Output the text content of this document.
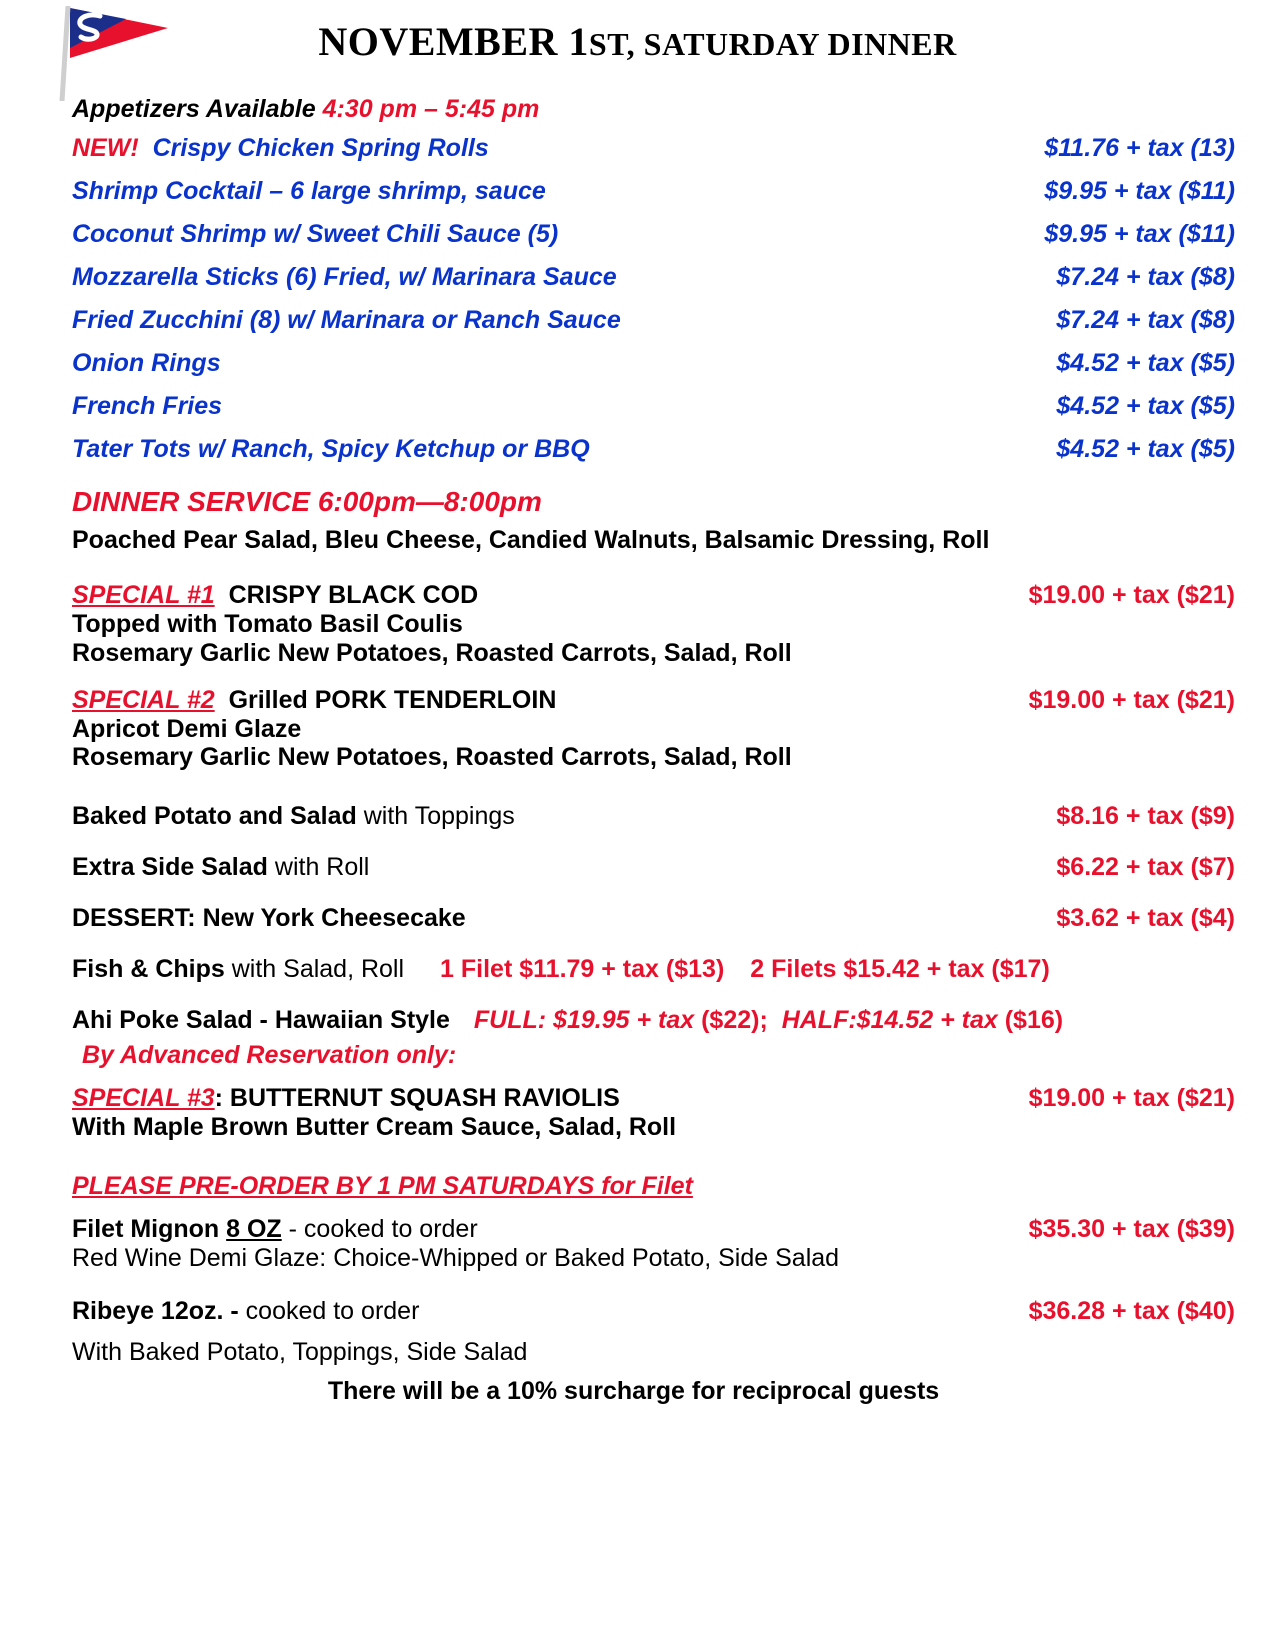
NOVEMBER 1ST, SATURDAY DINNER
Appetizers Available 4:30 pm – 5:45 pm
NEW! Crispy Chicken Spring Rolls	$11.76 + tax (13)
Shrimp Cocktail – 6 large shrimp, sauce	$9.95 + tax ($11)
Coconut Shrimp w/ Sweet Chili Sauce (5)	$9.95 + tax ($11)
Mozzarella Sticks (6) Fried, w/ Marinara Sauce	$7.24 + tax ($8)
Fried Zucchini (8) w/ Marinara or Ranch Sauce	$7.24 + tax ($8)
Onion Rings	$4.52 + tax ($5)
French Fries	$4.52 + tax ($5)
Tater Tots w/ Ranch, Spicy Ketchup or BBQ	$4.52 + tax ($5)
DINNER SERVICE 6:00pm—8:00pm
Poached Pear Salad, Bleu Cheese, Candied Walnuts, Balsamic Dressing, Roll
SPECIAL #1 CRISPY BLACK COD	$19.00 + tax ($21)
Topped with Tomato Basil Coulis
Rosemary Garlic New Potatoes, Roasted Carrots, Salad, Roll
SPECIAL #2 Grilled PORK TENDERLOIN	$19.00 + tax ($21)
Apricot Demi Glaze
Rosemary Garlic New Potatoes, Roasted Carrots, Salad, Roll
Baked Potato and Salad with Toppings	$8.16 + tax ($9)
Extra Side Salad with Roll	$6.22 + tax ($7)
DESSERT: New York Cheesecake	$3.62 + tax ($4)
Fish & Chips with Salad, Roll 1 Filet $11.79 + tax ($13) 2 Filets $15.42 + tax ($17)
Ahi Poke Salad - Hawaiian Style FULL: $19.95 + tax ($22); HALF:$14.52 + tax ($16)
By Advanced Reservation only:
SPECIAL #3: BUTTERNUT SQUASH RAVIOLIS	$19.00 + tax ($21)
With Maple Brown Butter Cream Sauce, Salad, Roll
PLEASE PRE-ORDER BY 1 PM SATURDAYS for Filet
Filet Mignon 8 OZ - cooked to order	$35.30 + tax ($39)
Red Wine Demi Glaze: Choice-Whipped or Baked Potato, Side Salad
Ribeye 12oz. - cooked to order	$36.28 + tax ($40)
With Baked Potato, Toppings, Side Salad
There will be a 10% surcharge for reciprocal guests
